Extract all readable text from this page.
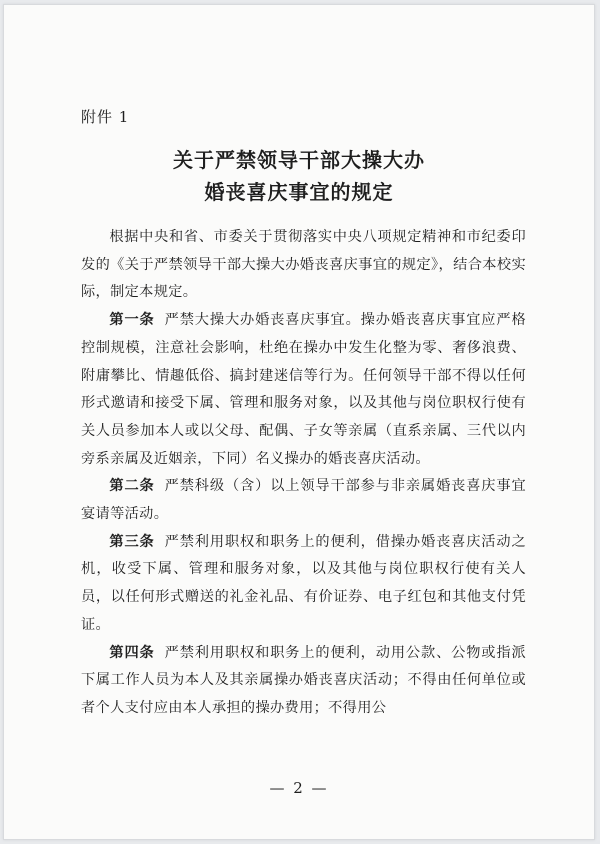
附件 1
关于严禁领导干部大操大办
婚丧喜庆事宜的规定

根据中央和省、市委关于贯彻落实中央八项规定精神和市纪委印发的《关于严禁领导干部大操大办婚丧喜庆事宜的规定》，结合本校实际，制定本规定。

第一条 严禁大操大办婚丧喜庆事宜。操办婚丧喜庆事宜应严格控制规模，注意社会影响，杜绝在操办中发生化整为零、奢侈浪费、附庸攀比、情趣低俗、搞封建迷信等行为。任何领导干部不得以任何形式邀请和接受下属、管理和服务对象，以及其他与岗位职权行使有关人员参加本人或以父母、配偶、子女等亲属（直系亲属、三代以内旁系亲属及近姻亲，下同）名义操办的婚丧喜庆活动。

第二条 严禁科级（含）以上领导干部参与非亲属婚丧喜庆事宜宴请等活动。

第三条 严禁利用职权和职务上的便利，借操办婚丧喜庆活动之机，收受下属、管理和服务对象，以及其他与岗位职权行使有关人员，以任何形式赠送的礼金礼品、有价证券、电子红包和其他支付凭证。

第四条 严禁利用职权和职务上的便利，动用公款、公物或指派下属工作人员为本人及其亲属操办婚丧喜庆活动；不得由任何单位或者个人支付应由本人承担的操办费用；不得用公

— 2 —
